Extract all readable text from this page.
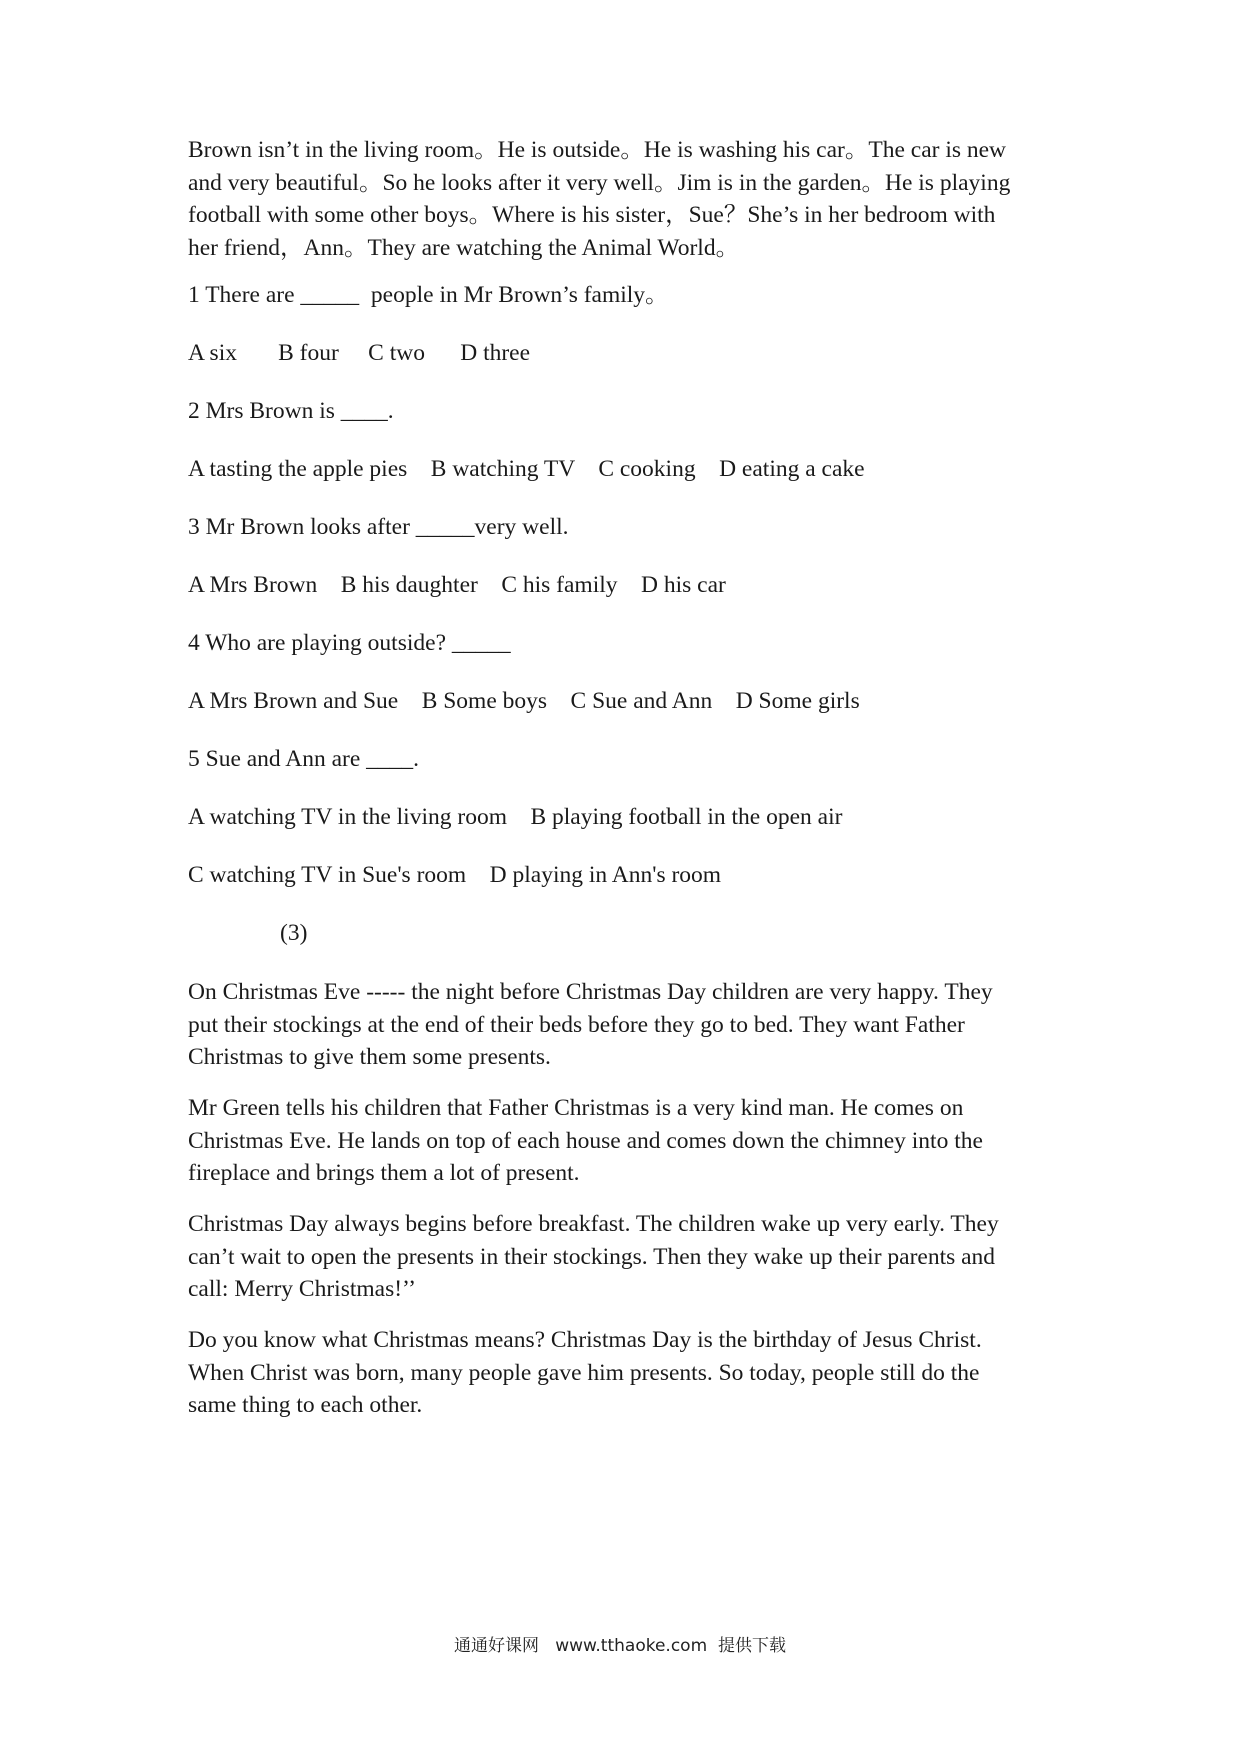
Brown isn’t in the living room。He is outside。He is washing his car。The car is new
and very beautiful。So he looks after it very well。Jim is in the garden。He is playing
football with some other boys。Where is his sister，Sue？She’s in her bedroom with
her friend，Ann。They are watching the Animal World。
1 There are _____  people in Mr Brown’s family。
A six       B four     C two      D three
2 Mrs Brown is ____.
A tasting the apple pies    B watching TV    C cooking    D eating a cake
3 Mr Brown looks after _____very well.
A Mrs Brown    B his daughter    C his family    D his car
4 Who are playing outside? _____
A Mrs Brown and Sue    B Some boys    C Sue and Ann    D Some girls
5 Sue and Ann are ____.
A watching TV in the living room    B playing football in the open air
C watching TV in Sue's room    D playing in Ann's room
(3)
On Christmas Eve ----- the night before Christmas Day children are very happy. They
put their stockings at the end of their beds before they go to bed. They want Father
Christmas to give them some presents.
Mr Green tells his children that Father Christmas is a very kind man. He comes on
Christmas Eve. He lands on top of each house and comes down the chimney into the
fireplace and brings them a lot of present.
Christmas Day always begins before breakfast. The children wake up very early. They
can’t wait to open the presents in their stockings. Then they wake up their parents and
call: Merry Christmas!’’
Do you know what Christmas means? Christmas Day is the birthday of Jesus Christ.
When Christ was born, many people gave him presents. So today, people still do the
same thing to each other.
通通好课网   www.tthaoke.com  提供下载
